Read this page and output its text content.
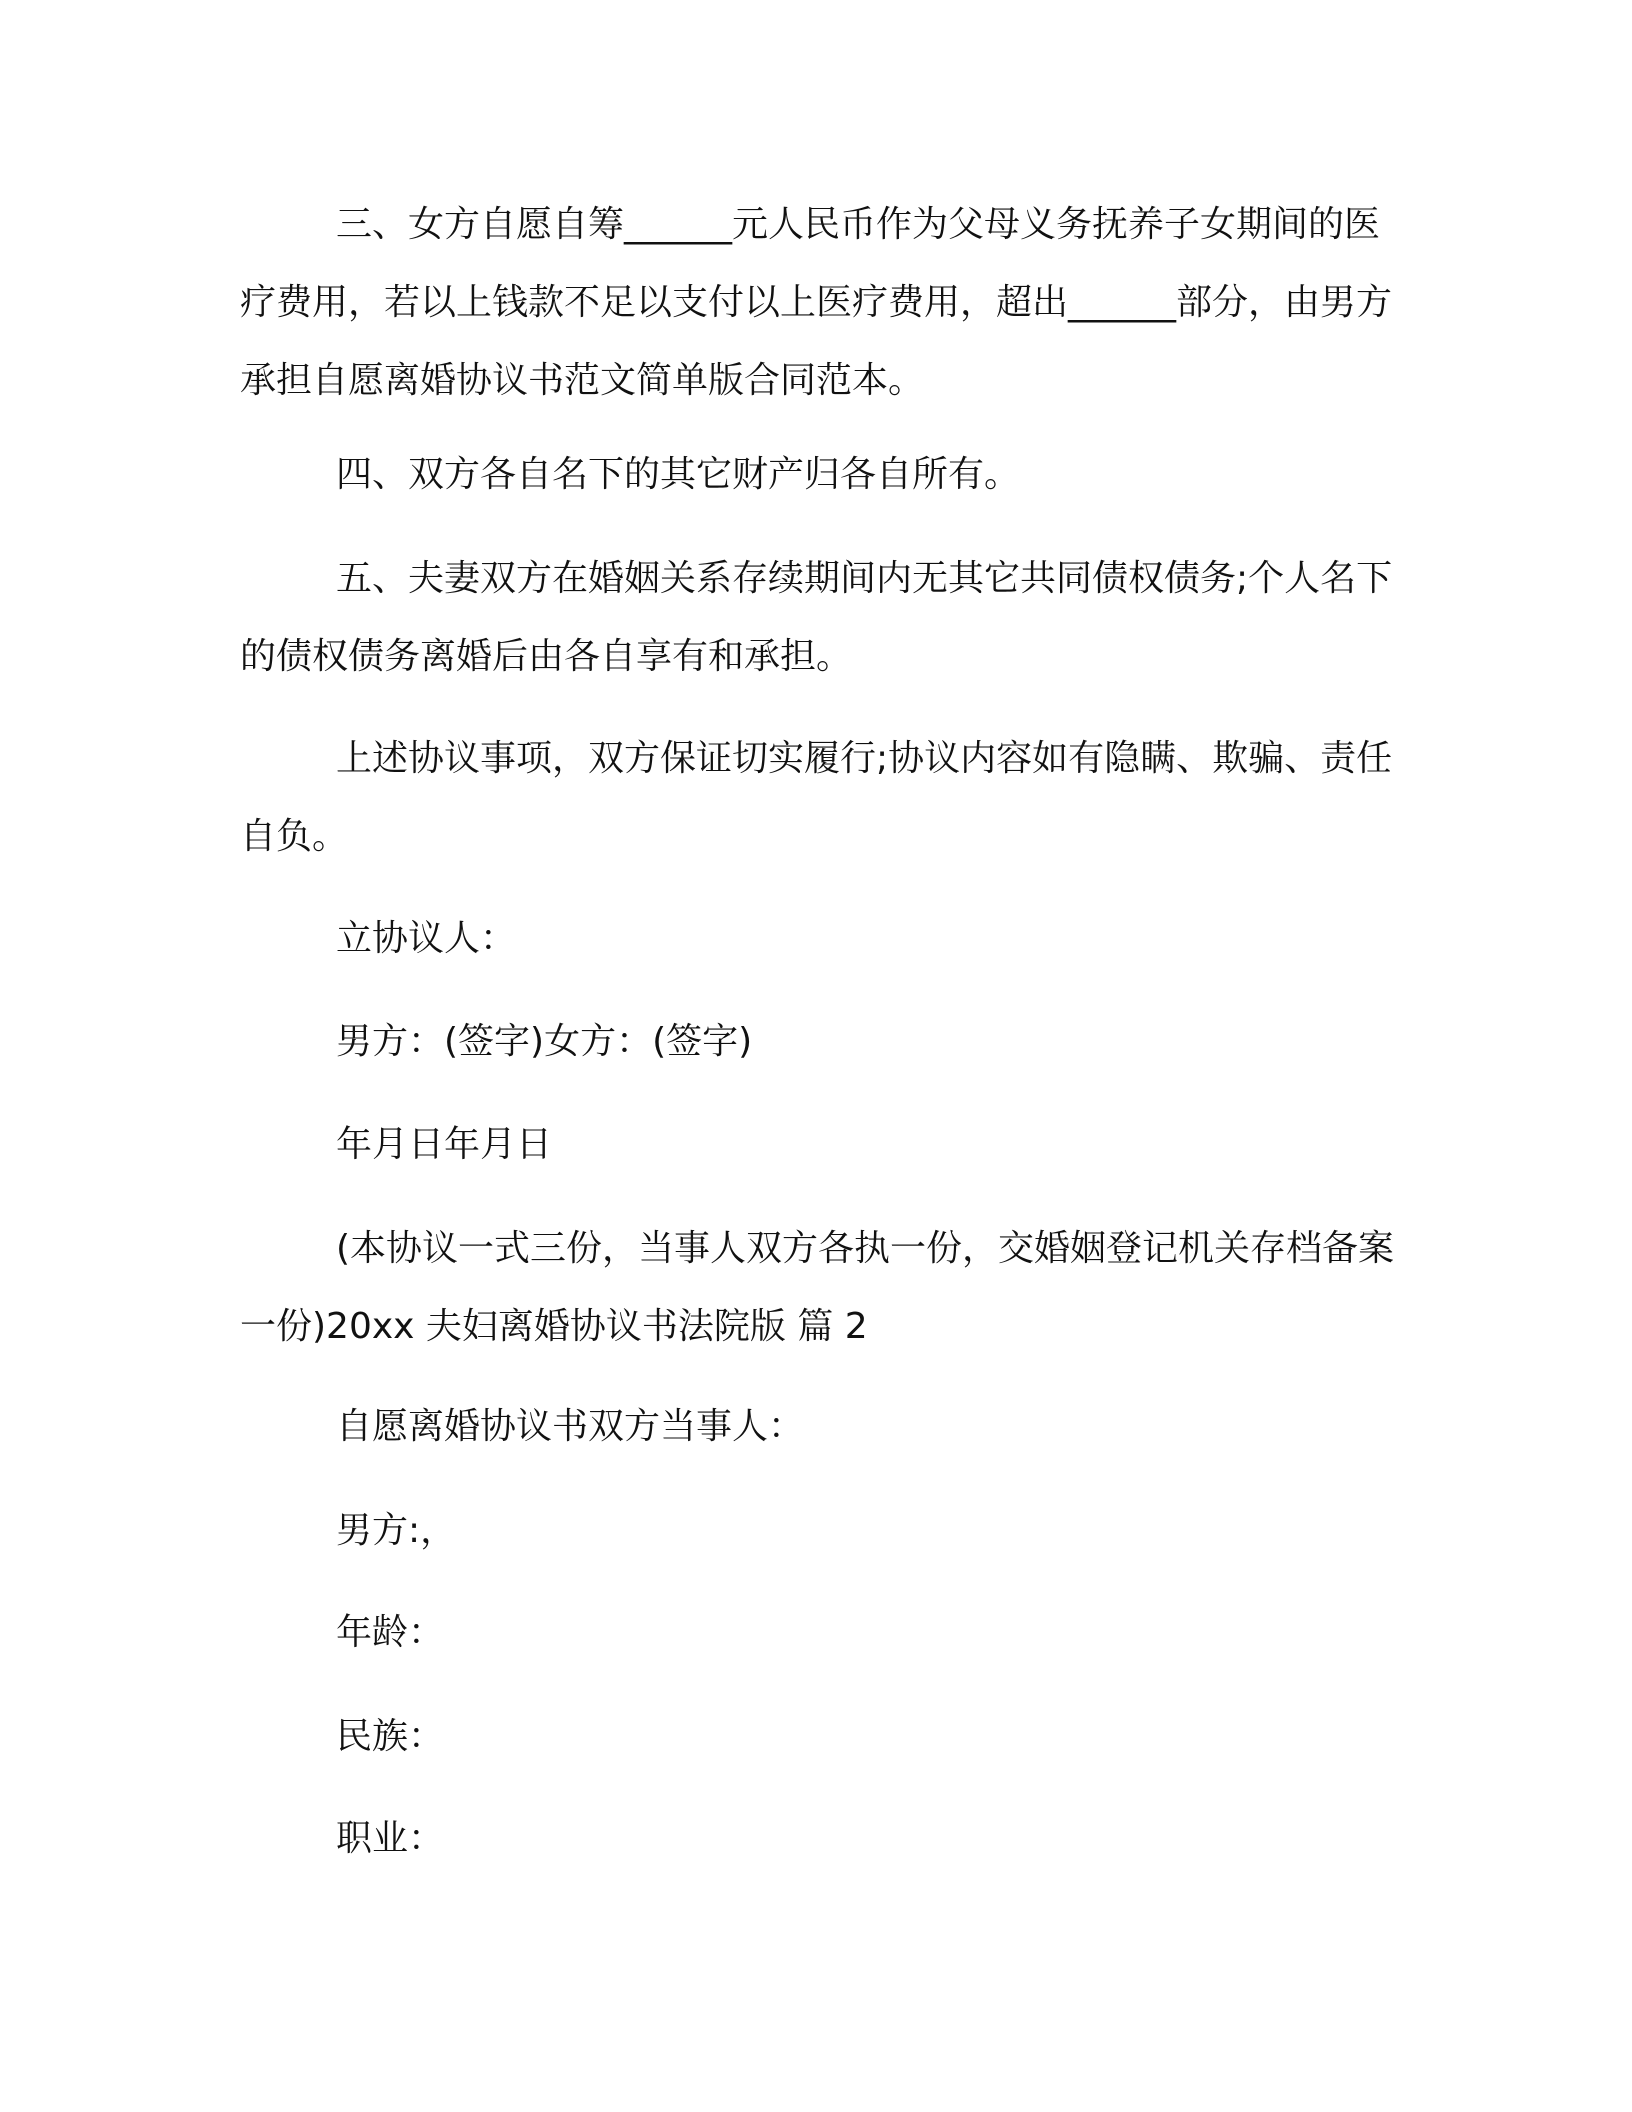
三、女方自愿自筹______元人民币作为父母义务抚养子女期间的医疗费用，若以上钱款不足以支付以上医疗费用，超出______部分，由男方承担自愿离婚协议书范文简单版合同范本。

四、双方各自名下的其它财产归各自所有。

五、夫妻双方在婚姻关系存续期间内无其它共同债权债务;个人名下的债权债务离婚后由各自享有和承担。

上述协议事项，双方保证切实履行;协议内容如有隐瞒、欺骗、责任自负。

立协议人：

男方：(签字)女方：(签字)

年月日年月日

(本协议一式三份，当事人双方各执一份，交婚姻登记机关存档备案一份)20xx 夫妇离婚协议书法院版 篇 2

自愿离婚协议书双方当事人：

男方:，

年龄：

民族：

职业：
